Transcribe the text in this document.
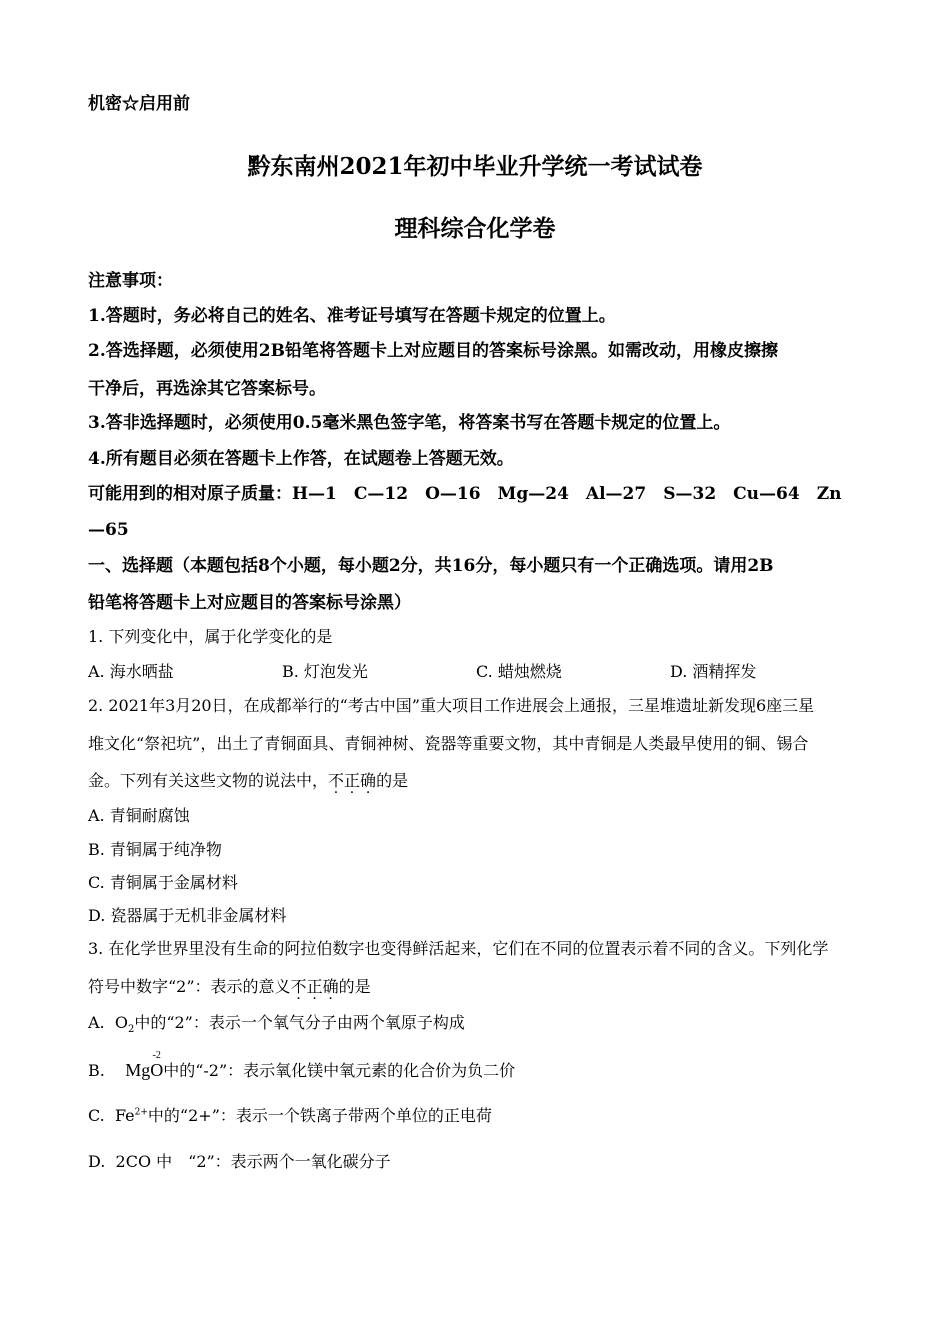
机密☆启用前
黔东南州2021年初中毕业升学统一考试试卷
理科综合化学卷
注意事项：
1.答题时，务必将自己的姓名、准考证号填写在答题卡规定的位置上。
2.答选择题，必须使用2B铅笔将答题卡上对应题目的答案标号涂黑。如需改动，用橡皮擦擦
干净后，再选涂其它答案标号。
3.答非选择题时，必须使用0.5毫米黑色签字笔，将答案书写在答题卡规定的位置上。
4.所有题目必须在答题卡上作答，在试题卷上答题无效。
可能用到的相对原子质量：H—1　C—12　O—16　Mg—24　Al—27　S—32　Cu—64　Zn
—65
一、选择题（本题包括8个小题，每小题2分，共16分，每小题只有一个正确选项。请用2B
铅笔将答题卡上对应题目的答案标号涂黑）
1. 下列变化中，属于化学变化的是
A. 海水晒盐	B. 灯泡发光	C. 蜡烛燃烧	D. 酒精挥发
2. 2021年3月20日，在成都举行的“考古中国”重大项目工作进展会上通报，三星堆遗址新发现6座三星
堆文化“祭祀坑”，出土了青铜面具、青铜神树、瓷器等重要文物，其中青铜是人类最早使用的铜、锡合
金。下列有关这些文物的说法中，不正确的是
A. 青铜耐腐蚀
B. 青铜属于纯净物
C. 青铜属于金属材料
D. 瓷器属于无机非金属材料
3. 在化学世界里没有生命的阿拉伯数字也变得鲜活起来，它们在不同的位置表示着不同的含义。下列化学
符号中数字“2”：表示的意义不正确的是
A. $O_2$中的“2”：表示一个氧气分子由两个氧原子构成
B. MgO
-2
中的“-2”：表示氧化镁中氧元素的化合价为负二价
C. $Fe^{2+}$中的“2+”：表示一个铁离子带两个单位的正电荷
D. 2CO 中　“2”：表示两个一氧化碳分子
